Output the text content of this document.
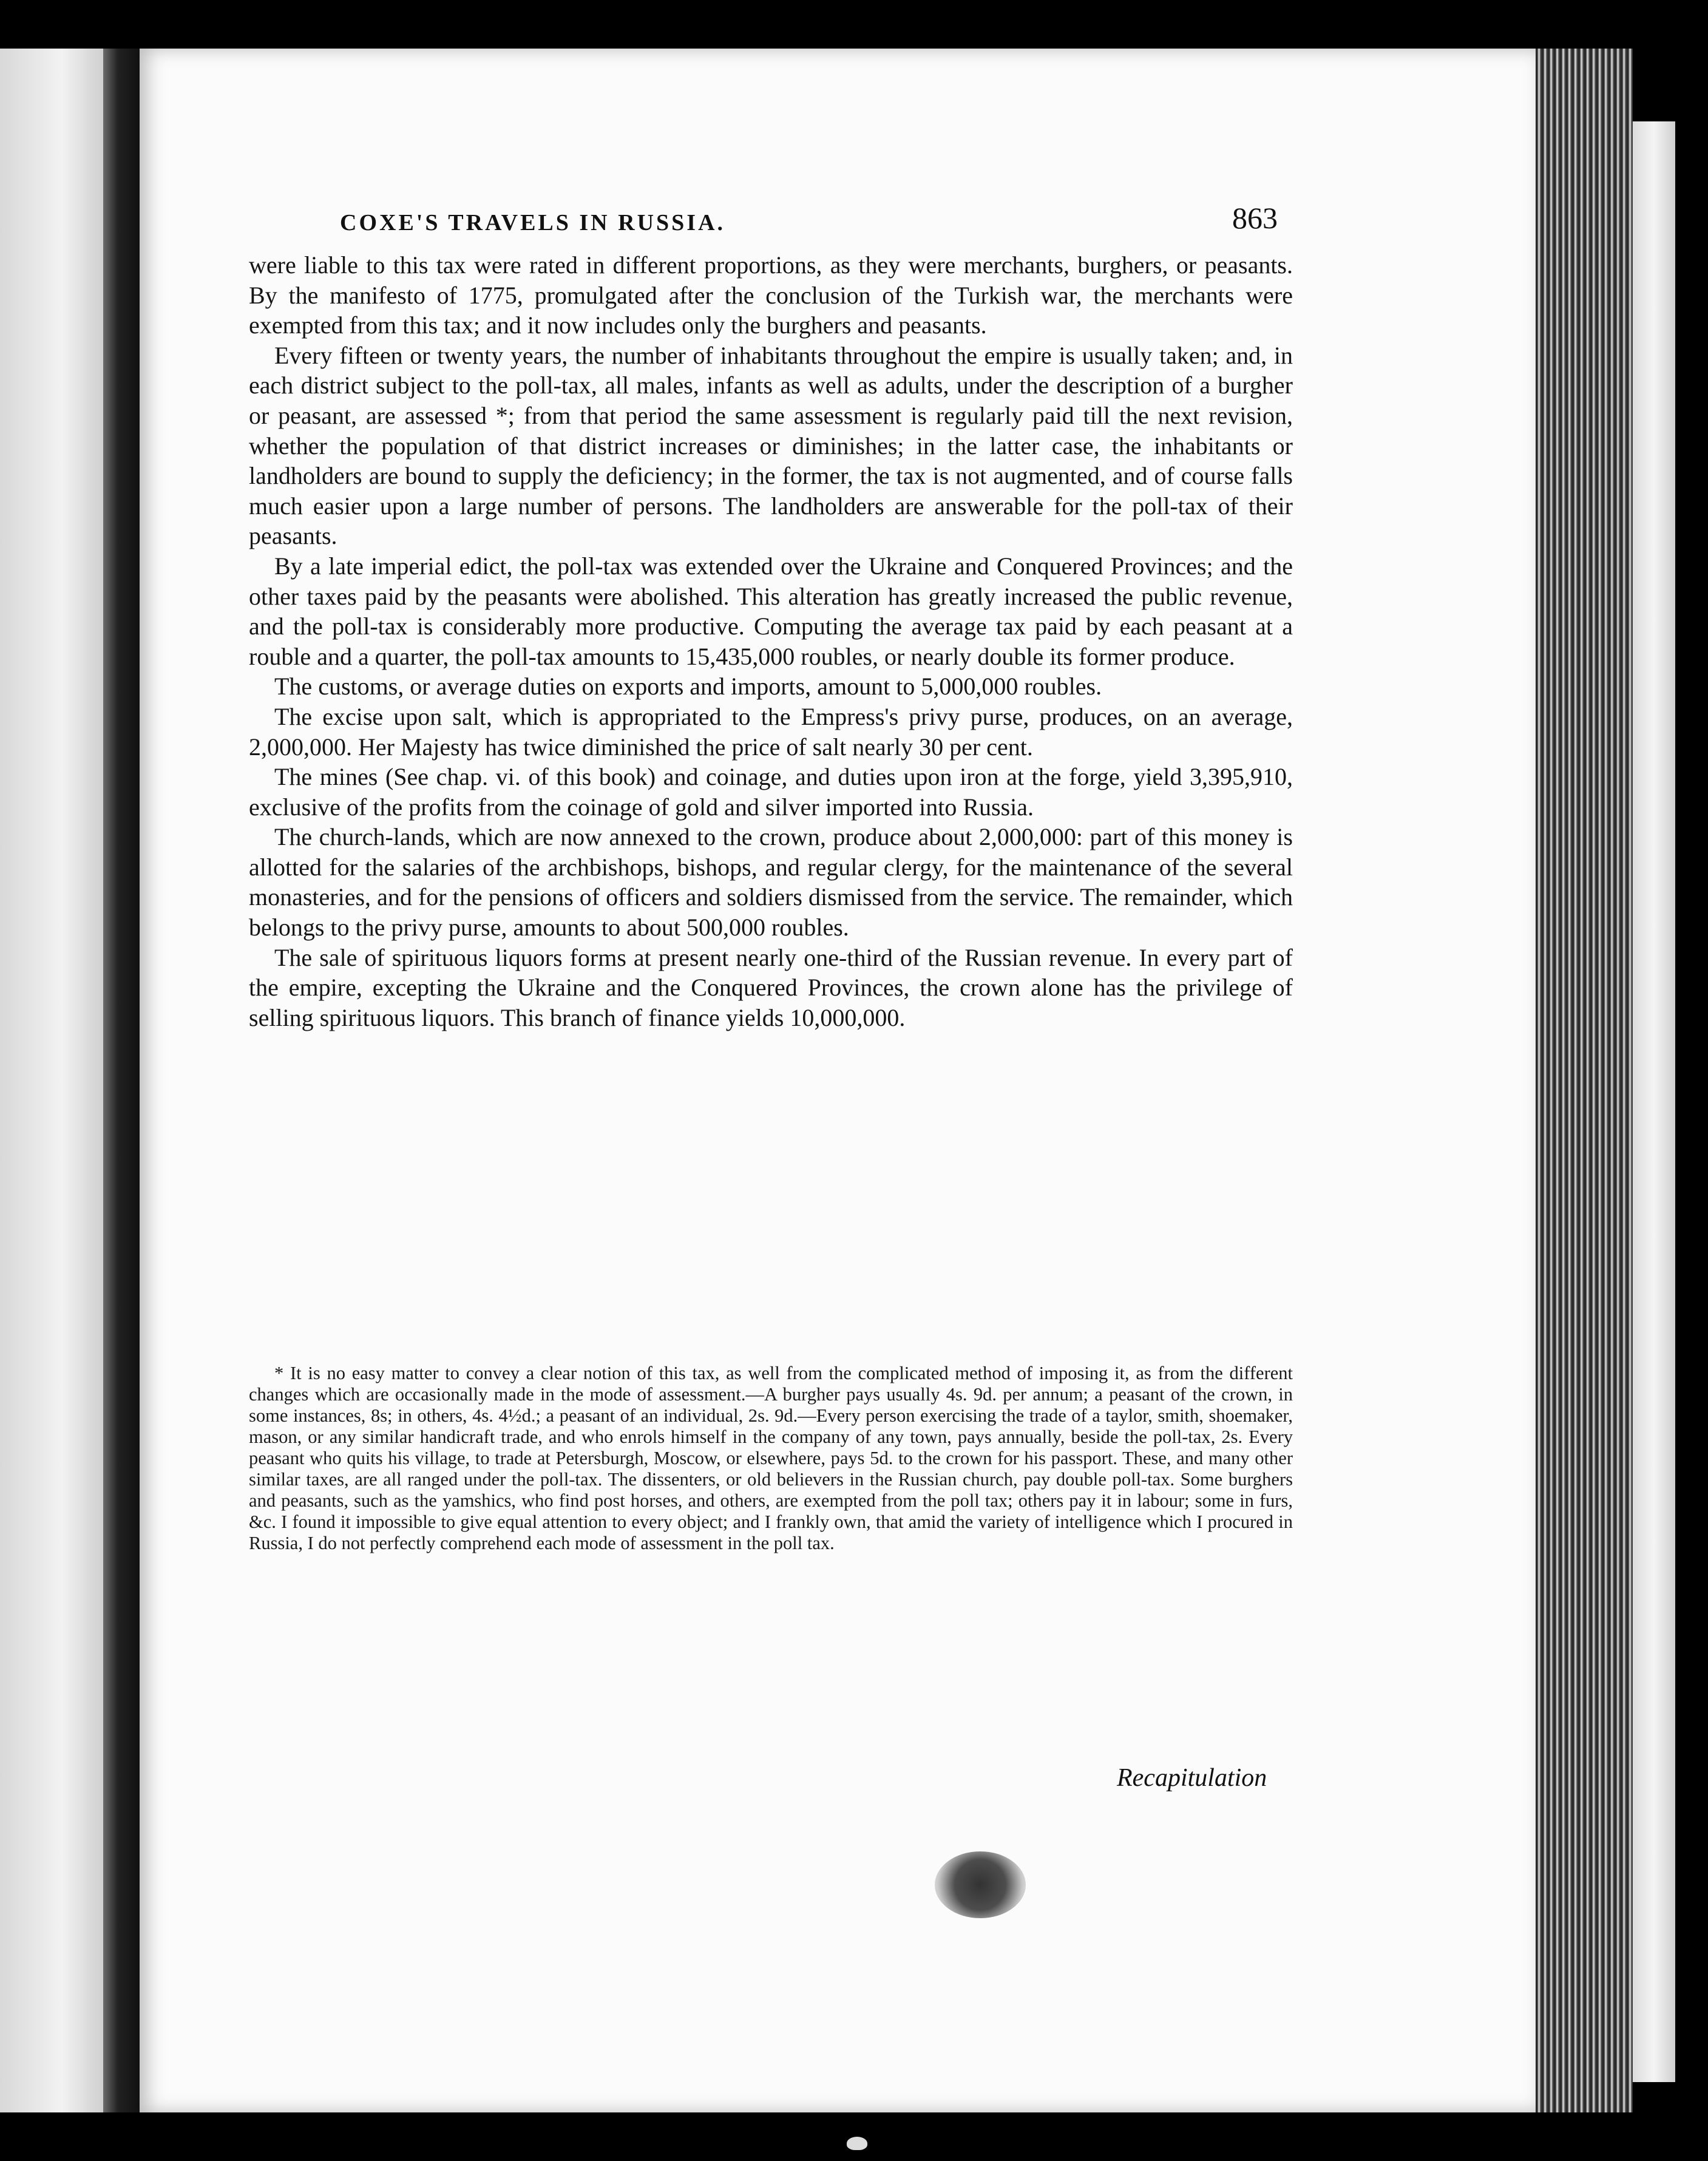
COXE'S TRAVELS IN RUSSIA.	863

were liable to this tax were rated in different proportions, as they were merchants, burghers, or peasants. By the manifesto of 1775, promulgated after the conclusion of the Turkish war, the merchants were exempted from this tax; and it now includes only the burghers and peasants.

Every fifteen or twenty years, the number of inhabitants throughout the empire is usually taken; and, in each district subject to the poll-tax, all males, infants as well as adults, under the description of a burgher or peasant, are assessed *; from that period the same assessment is regularly paid till the next revision, whether the population of that district increases or diminishes; in the latter case, the inhabitants or landholders are bound to supply the deficiency; in the former, the tax is not augmented, and of course falls much easier upon a large number of persons. The landholders are answerable for the poll-tax of their peasants.

By a late imperial edict, the poll-tax was extended over the Ukraine and Conquered Provinces; and the other taxes paid by the peasants were abolished. This alteration has greatly increased the public revenue, and the poll-tax is considerably more productive. Computing the average tax paid by each peasant at a rouble and a quarter, the poll-tax amounts to 15,435,000 roubles, or nearly double its former produce.

The customs, or average duties on exports and imports, amount to 5,000,000 roubles.

The excise upon salt, which is appropriated to the Empress's privy purse, produces, on an average, 2,000,000. Her Majesty has twice diminished the price of salt nearly 30 per cent.

The mines (See chap. vi. of this book) and coinage, and duties upon iron at the forge, yield 3,395,910, exclusive of the profits from the coinage of gold and silver imported into Russia.

The church-lands, which are now annexed to the crown, produce about 2,000,000: part of this money is allotted for the salaries of the archbishops, bishops, and regular clergy, for the maintenance of the several monasteries, and for the pensions of officers and soldiers dismissed from the service. The remainder, which belongs to the privy purse, amounts to about 500,000 roubles.

The sale of spirituous liquors forms at present nearly one-third of the Russian revenue. In every part of the empire, excepting the Ukraine and the Conquered Provinces, the crown alone has the privilege of selling spirituous liquors. This branch of finance yields 10,000,000.

* It is no easy matter to convey a clear notion of this tax, as well from the complicated method of imposing it, as from the different changes which are occasionally made in the mode of assessment.—A burgher pays usually 4s. 9d. per annum; a peasant of the crown, in some instances, 8s; in others, 4s. 4½d.; a peasant of an individual, 2s. 9d.—Every person exercising the trade of a taylor, smith, shoemaker, mason, or any similar handicraft trade, and who enrols himself in the company of any town, pays annually, beside the poll-tax, 2s. Every peasant who quits his village, to trade at Petersburgh, Moscow, or elsewhere, pays 5d. to the crown for his passport. These, and many other similar taxes, are all ranged under the poll-tax. The dissenters, or old believers in the Russian church, pay double poll-tax. Some burghers and peasants, such as the yamshics, who find post horses, and others, are exempted from the poll tax; others pay it in labour; some in furs, &c. I found it impossible to give equal attention to every object; and I frankly own, that amid the variety of intelligence which I procured in Russia, I do not perfectly comprehend each mode of assessment in the poll tax.

Recapitulation
